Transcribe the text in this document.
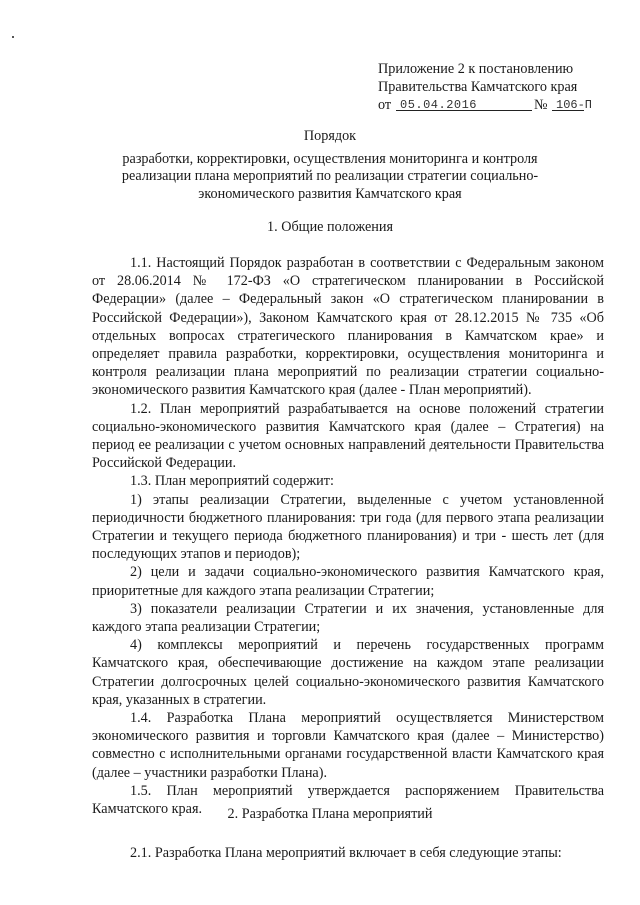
Приложение 2 к постановлению
Правительства Камчатского края
от 05.04.2016	№ 106-П
Порядок
разработки, корректировки, осуществления мониторинга и контроля
реализации плана мероприятий по реализации стратегии социально-
экономического развития Камчатского края
1. Общие положения

1.1. Настоящий Порядок разработан в соответствии с Федеральным законом от 28.06.2014 № 172-ФЗ «О стратегическом планировании в Российской Федерации» (далее – Федеральный закон «О стратегическом планировании в Российской Федерации»), Законом Камчатского края от 28.12.2015 № 735 «Об отдельных вопросах стратегического планирования в Камчатском крае» и определяет правила разработки, корректировки, осуществления мониторинга и контроля реализации плана мероприятий по реализации стратегии социально-экономического развития Камчатского края (далее - План мероприятий).

1.2. План мероприятий разрабатывается на основе положений стратегии социально-экономического развития Камчатского края (далее – Стратегия) на период ее реализации с учетом основных направлений деятельности Правительства Российской Федерации.

1.3. План мероприятий содержит:

1) этапы реализации Стратегии, выделенные с учетом установленной периодичности бюджетного планирования: три года (для первого этапа реализации Стратегии и текущего периода бюджетного планирования) и три - шесть лет (для последующих этапов и периодов);

2) цели и задачи социально-экономического развития Камчатского края, приоритетные для каждого этапа реализации Стратегии;

3) показатели реализации Стратегии и их значения, установленные для каждого этапа реализации Стратегии;

4) комплексы мероприятий и перечень государственных программ Камчатского края, обеспечивающие достижение на каждом этапе реализации Стратегии долгосрочных целей социально-экономического развития Камчатского края, указанных в стратегии.

1.4. Разработка Плана мероприятий осуществляется Министерством экономического развития и торговли Камчатского края (далее – Министерство) совместно с исполнительными органами государственной власти Камчатского края (далее – участники разработки Плана).

1.5. План мероприятий утверждается распоряжением Правительства Камчатского края.	2. Разработка Плана мероприятий
2.1. Разработка Плана мероприятий включает в себя следующие этапы:
